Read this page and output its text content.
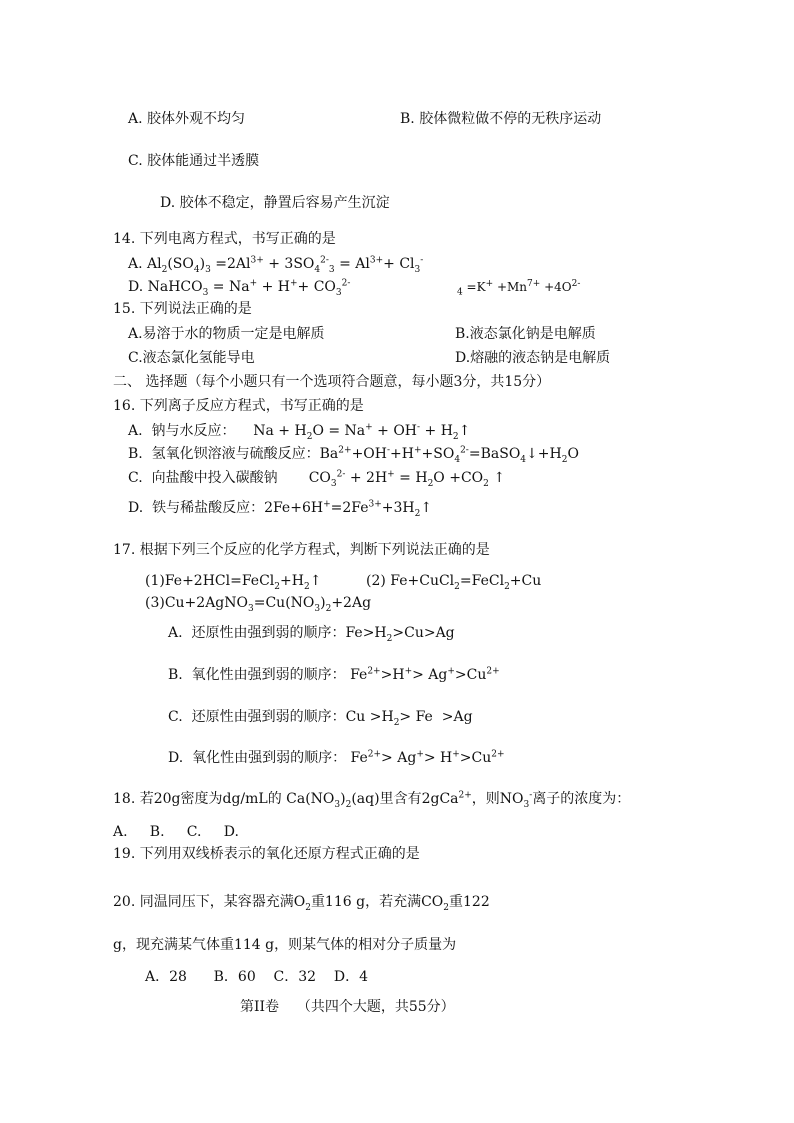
A. 胶体外观不均匀	B. 胶体微粒做不停的无秩序运动
C. 胶体能通过半透膜
D. 胶体不稳定，静置后容易产生沉淀
14. 下列电离方程式，书写正确的是
A. $Al_2(SO_4)_3 =2Al^{3+} + 3SO_4^{2-}_3 = Al^{3+}+ Cl_3^-$
D. NaHCO$_3$ = $Na^+ + H^++ CO_3^{2-}$
$_4 =K^+ +Mn^{7+} +4O^{2-}$
15. 下列说法正确的是
A.易溶于水的物质一定是电解质	B.液态氯化钠是电解质
C.液态氯化氢能导电	D.熔融的液态钠是电解质
二、 选择题（每个小题只有一个选项符合题意，每小题3分，共15分）
16. 下列离子反应方程式，书写正确的是
A.  钠与水反应：    $Na + H_2O = Na^+ + OH^-$ + $H_2↑$
B.  氢氧化钡溶液与硫酸反应：$Ba^{2+}+OH^-+H^++SO_4^{2-}=BaSO_4↓+H_2O$
C.  向盐酸中投入碳酸钠       $CO_3^{2-} + 2H^+ = H_2O +CO_2$ ↑
D.  铁与稀盐酸反应：$2Fe+6H^+=2Fe^{3+}+3H_2↑$
17. 根据下列三个反应的化学方程式，判断下列说法正确的是
$(1)Fe+2HCl=FeCl_2+H_2↑$	(2) Fe+CuCl$_2$=FeCl$_2$+Cu
$(3)Cu+2AgNO_3=Cu(NO_3)_2+2Ag$
A.  还原性由强到弱的顺序：$Fe>H_2>Cu>Ag$
B.  氧化性由强到弱的顺序： $Fe^{2+}>H^+> Ag^+>Cu^{2+}$
C.  还原性由强到弱的顺序：$Cu >H_2> Fe >Ag$
D.  氧化性由强到弱的顺序： $Fe^{2+}> Ag^+> H^+>Cu^{2+}$
18. 若20g密度为dg/mL的 $Ca(NO_3)_2(aq)$里含有2gCa$^{2+}$，则$NO_3^-$离子的浓度为：
A.     B.     C.     D.
19. 下列用双线桥表示的氧化还原方程式正确的是
20. 同温同压下，某容器充满$O_2$重116 g，若充满$CO_2$重122
g，现充满某气体重114 g，则某气体的相对分子质量为
A．28      B．60    C．32    D．4
第II卷    （共四个大题，共55分）
